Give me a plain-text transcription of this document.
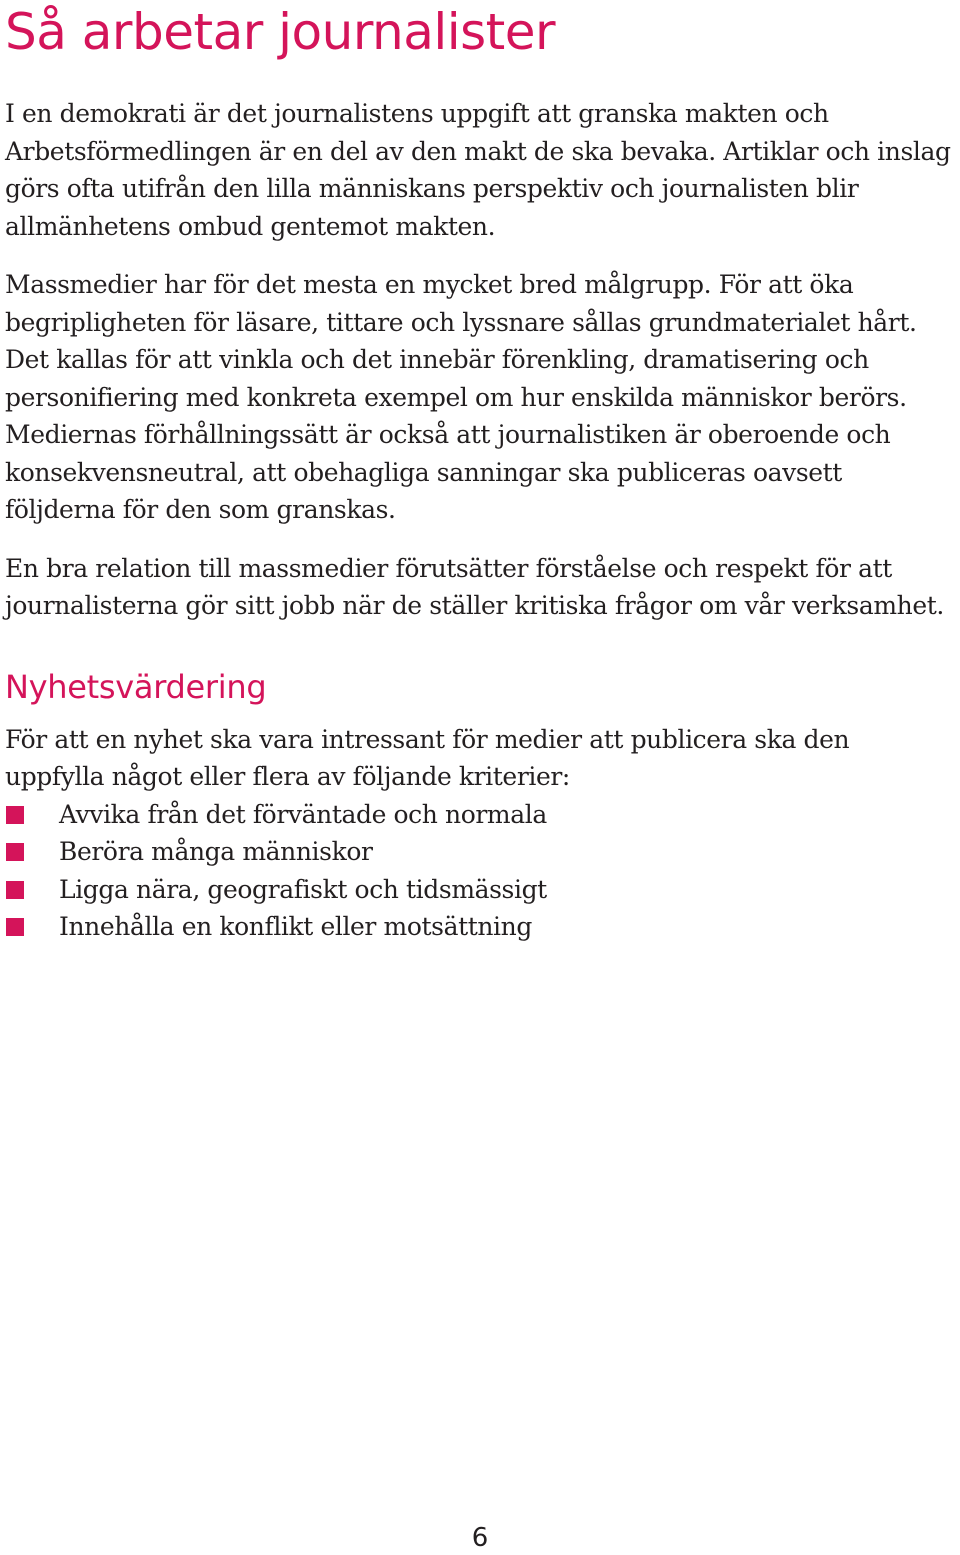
Så arbetar journalister

I en demokrati är det journalistens uppgift att granska makten och Arbetsförmedlingen är en del av den makt de ska bevaka. Artiklar och inslag görs ofta utifrån den lilla människans perspektiv och journalisten blir allmänhetens ombud gentemot makten.

Massmedier har för det mesta en mycket bred målgrupp. För att öka begripligheten för läsare, tittare och lyssnare sållas grundmaterialet hårt. Det kallas för att vinkla och det innebär förenkling, dramatisering och personifiering med konkreta exempel om hur enskilda människor berörs. Mediernas förhållningssätt är också att journalistiken är oberoende och konsekvensneutral, att obehagliga sanningar ska publiceras oavsett följderna för den som granskas.

En bra relation till massmedier förutsätter förståelse och respekt för att journalisterna gör sitt jobb när de ställer kritiska frågor om vår verksamhet.

Nyhetsvärdering

För att en nyhet ska vara intressant för medier att publicera ska den uppfylla något eller flera av följande kriterier:

Avvika från det förväntade och normala
Beröra många människor
Ligga nära, geografiskt och tidsmässigt
Innehålla en konflikt eller motsättning
6
